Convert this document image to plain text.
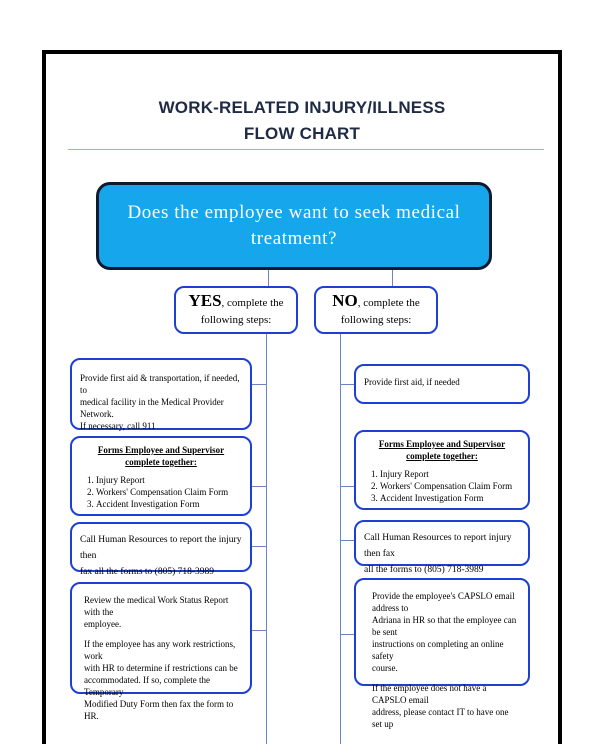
WORK-RELATED INJURY/ILLNESS
FLOW CHART
Does the employee want to seek medical treatment?
YES, complete the
following steps:
NO, complete the
following steps:
Provide first aid & transportation, if needed, to
medical facility in the Medical Provider Network.
If necessary, call 911
Forms Employee and Supervisor
complete together:
1. Injury Report
2. Workers' Compensation Claim Form
3. Accident Investigation Form
Call Human Resources to report the injury then
fax all the forms to (805) 718-3989
Review the medical Work Status Report with the
employee.
If the employee has any work restrictions, work
with HR to determine if restrictions can be
accommodated. If so, complete the Temporary
Modified Duty Form then fax the form to HR.
Provide first aid, if needed
Forms Employee and Supervisor
complete together:
1. Injury Report
2. Workers' Compensation Claim Form
3. Accident Investigation Form
Call Human Resources to report injury then fax
all the forms to (805) 718-3989
Provide the employee's CAPSLO email address to
Adriana in HR so that the employee can be sent
instructions on completing an online safety
course.
If the employee does not have a CAPSLO email
address, please contact IT to have one set up
